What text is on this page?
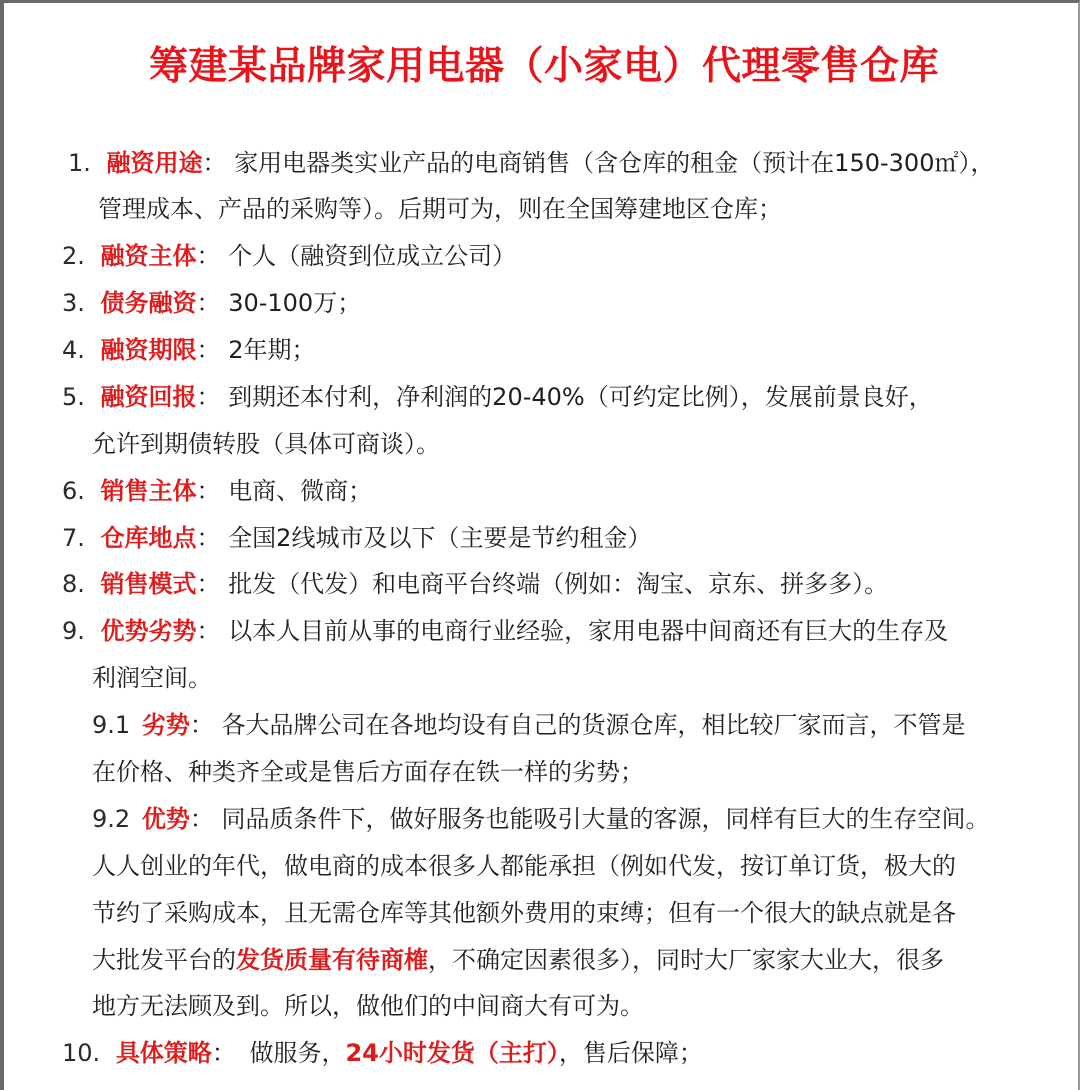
筹建某品牌家用电器（小家电）代理零售仓库
1. 融资用途： 家用电器类实业产品的电商销售（含仓库的租金（预计在150-300㎡），
管理成本、产品的采购等）。后期可为，则在全国筹建地区仓库；
2. 融资主体： 个人（融资到位成立公司）
3. 债务融资： 30-100万；
4. 融资期限： 2年期；
5. 融资回报： 到期还本付利，净利润的20-40%（可约定比例），发展前景良好，
允许到期债转股（具体可商谈）。
6. 销售主体： 电商、微商；
7. 仓库地点： 全国2线城市及以下（主要是节约租金）
8. 销售模式： 批发（代发）和电商平台终端（例如：淘宝、京东、拼多多）。
9. 优势劣势： 以本人目前从事的电商行业经验，家用电器中间商还有巨大的生存及
利润空间。
9.1 劣势： 各大品牌公司在各地均设有自己的货源仓库，相比较厂家而言，不管是
在价格、种类齐全或是售后方面存在铁一样的劣势；
9.2 优势： 同品质条件下，做好服务也能吸引大量的客源，同样有巨大的生存空间。
人人创业的年代，做电商的成本很多人都能承担（例如代发，按订单订货，极大的
节约了采购成本，且无需仓库等其他额外费用的束缚；但有一个很大的缺点就是各
大批发平台的发货质量有待商榷，不确定因素很多），同时大厂家家大业大，很多
地方无法顾及到。所以，做他们的中间商大有可为。
10. 具体策略： 做服务，24小时发货（主打），售后保障；
